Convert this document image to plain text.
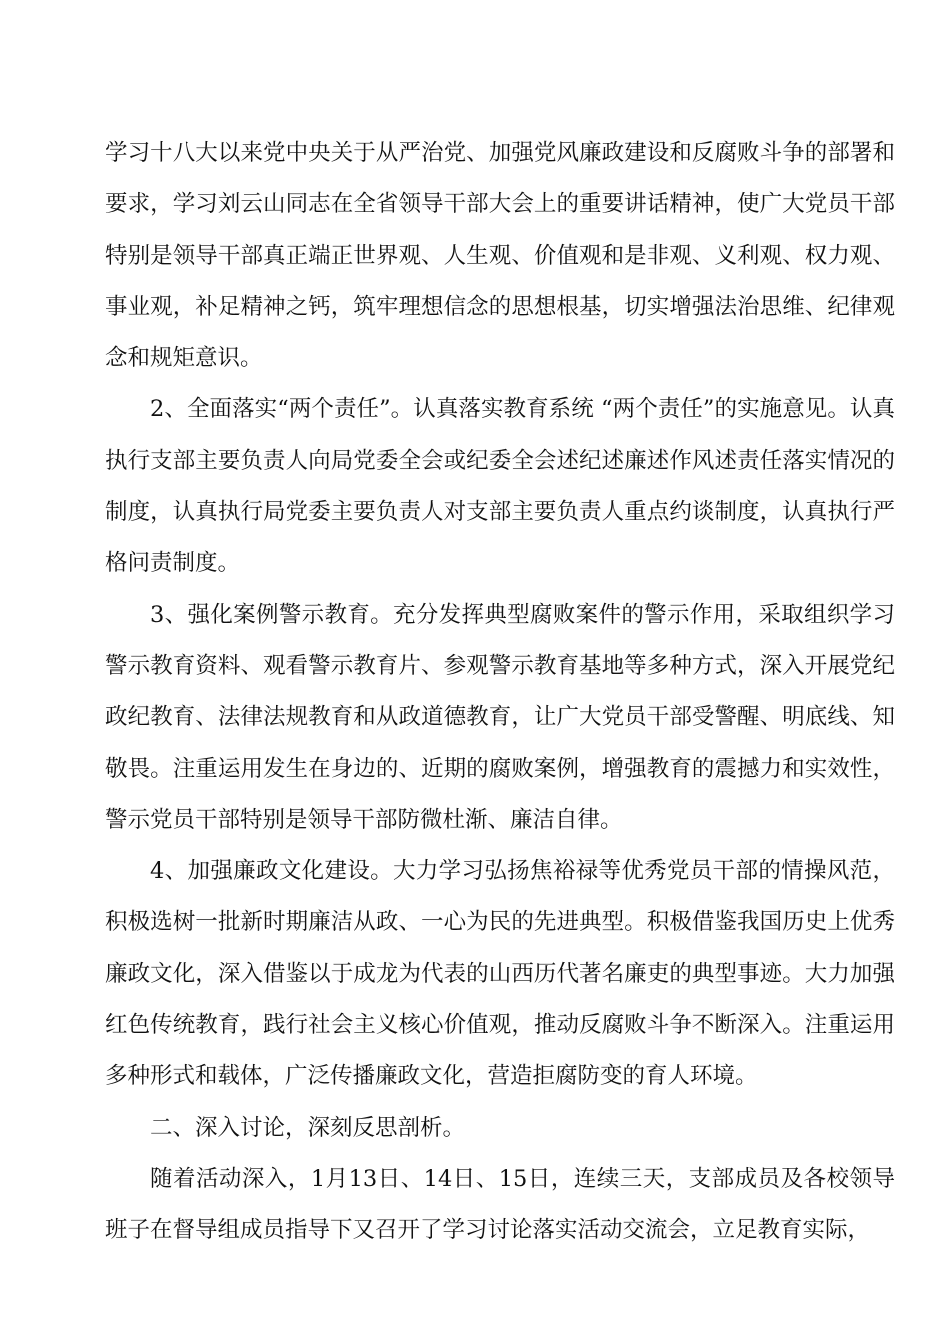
学习十八大以来党中央关于从严治党、加强党风廉政建设和反腐败斗争的部署和要求，学习刘云山同志在全省领导干部大会上的重要讲话精神，使广大党员干部特别是领导干部真正端正世界观、人生观、价值观和是非观、义利观、权力观、事业观，补足精神之钙，筑牢理想信念的思想根基，切实增强法治思维、纪律观念和规矩意识。

2、全面落实“两个责任”。认真落实教育系统 “两个责任”的实施意见。认真执行支部主要负责人向局党委全会或纪委全会述纪述廉述作风述责任落实情况的制度，认真执行局党委主要负责人对支部主要负责人重点约谈制度，认真执行严格问责制度。

3、强化案例警示教育。充分发挥典型腐败案件的警示作用，采取组织学习警示教育资料、观看警示教育片、参观警示教育基地等多种方式，深入开展党纪政纪教育、法律法规教育和从政道德教育，让广大党员干部受警醒、明底线、知敬畏。注重运用发生在身边的、近期的腐败案例，增强教育的震撼力和实效性，警示党员干部特别是领导干部防微杜渐、廉洁自律。

4、加强廉政文化建设。大力学习弘扬焦裕禄等优秀党员干部的情操风范，积极选树一批新时期廉洁从政、一心为民的先进典型。积极借鉴我国历史上优秀廉政文化，深入借鉴以于成龙为代表的山西历代著名廉吏的典型事迹。大力加强红色传统教育，践行社会主义核心价值观，推动反腐败斗争不断深入。注重运用多种形式和载体，广泛传播廉政文化，营造拒腐防变的育人环境。

二、深入讨论，深刻反思剖析。

随着活动深入，1月13日、14日、15日，连续三天，支部成员及各校领导班子在督导组成员指导下又召开了学习讨论落实活动交流会，立足教育实际，
